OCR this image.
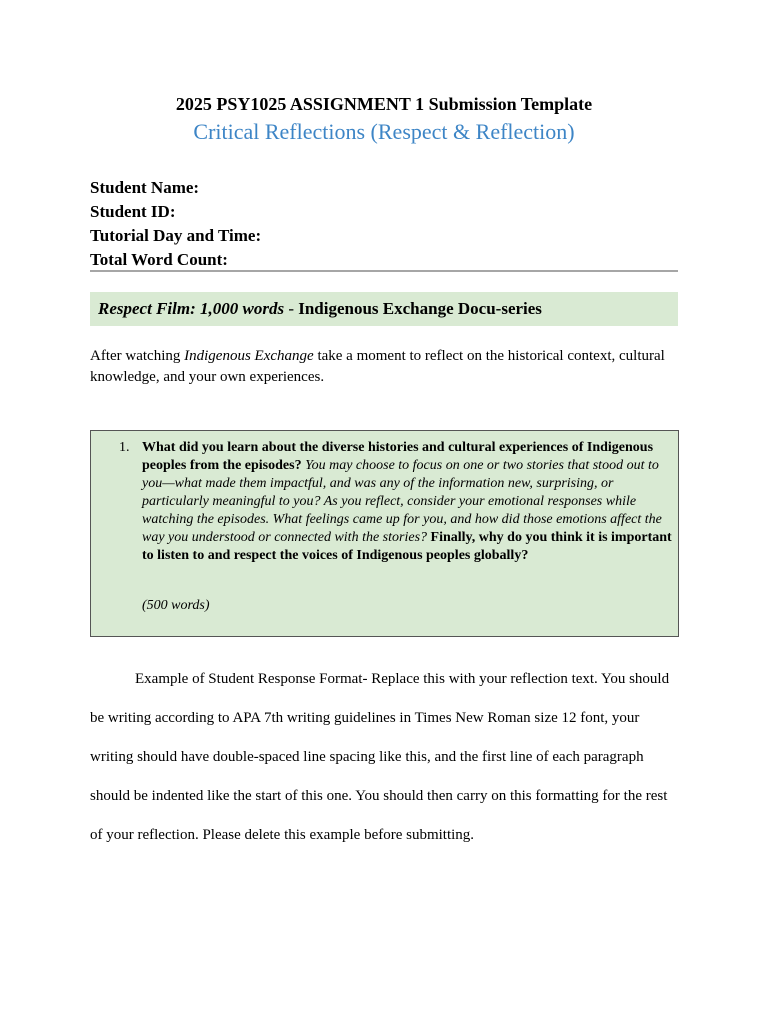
2025 PSY1025 ASSIGNMENT 1 Submission Template
Critical Reflections (Respect & Reflection)
Student Name:
Student ID:
Tutorial Day and Time:
Total Word Count:
Respect Film: 1,000 words - Indigenous Exchange Docu-series
After watching Indigenous Exchange take a moment to reflect on the historical context, cultural knowledge, and your own experiences.
1. What did you learn about the diverse histories and cultural experiences of Indigenous peoples from the episodes? You may choose to focus on one or two stories that stood out to you—what made them impactful, and was any of the information new, surprising, or particularly meaningful to you? As you reflect, consider your emotional responses while watching the episodes. What feelings came up for you, and how did those emotions affect the way you understood or connected with the stories? Finally, why do you think it is important to listen to and respect the voices of Indigenous peoples globally?
(500 words)
Example of Student Response Format- Replace this with your reflection text. You should be writing according to APA 7th writing guidelines in Times New Roman size 12 font, your writing should have double-spaced line spacing like this, and the first line of each paragraph should be indented like the start of this one. You should then carry on this formatting for the rest of your reflection. Please delete this example before submitting.
